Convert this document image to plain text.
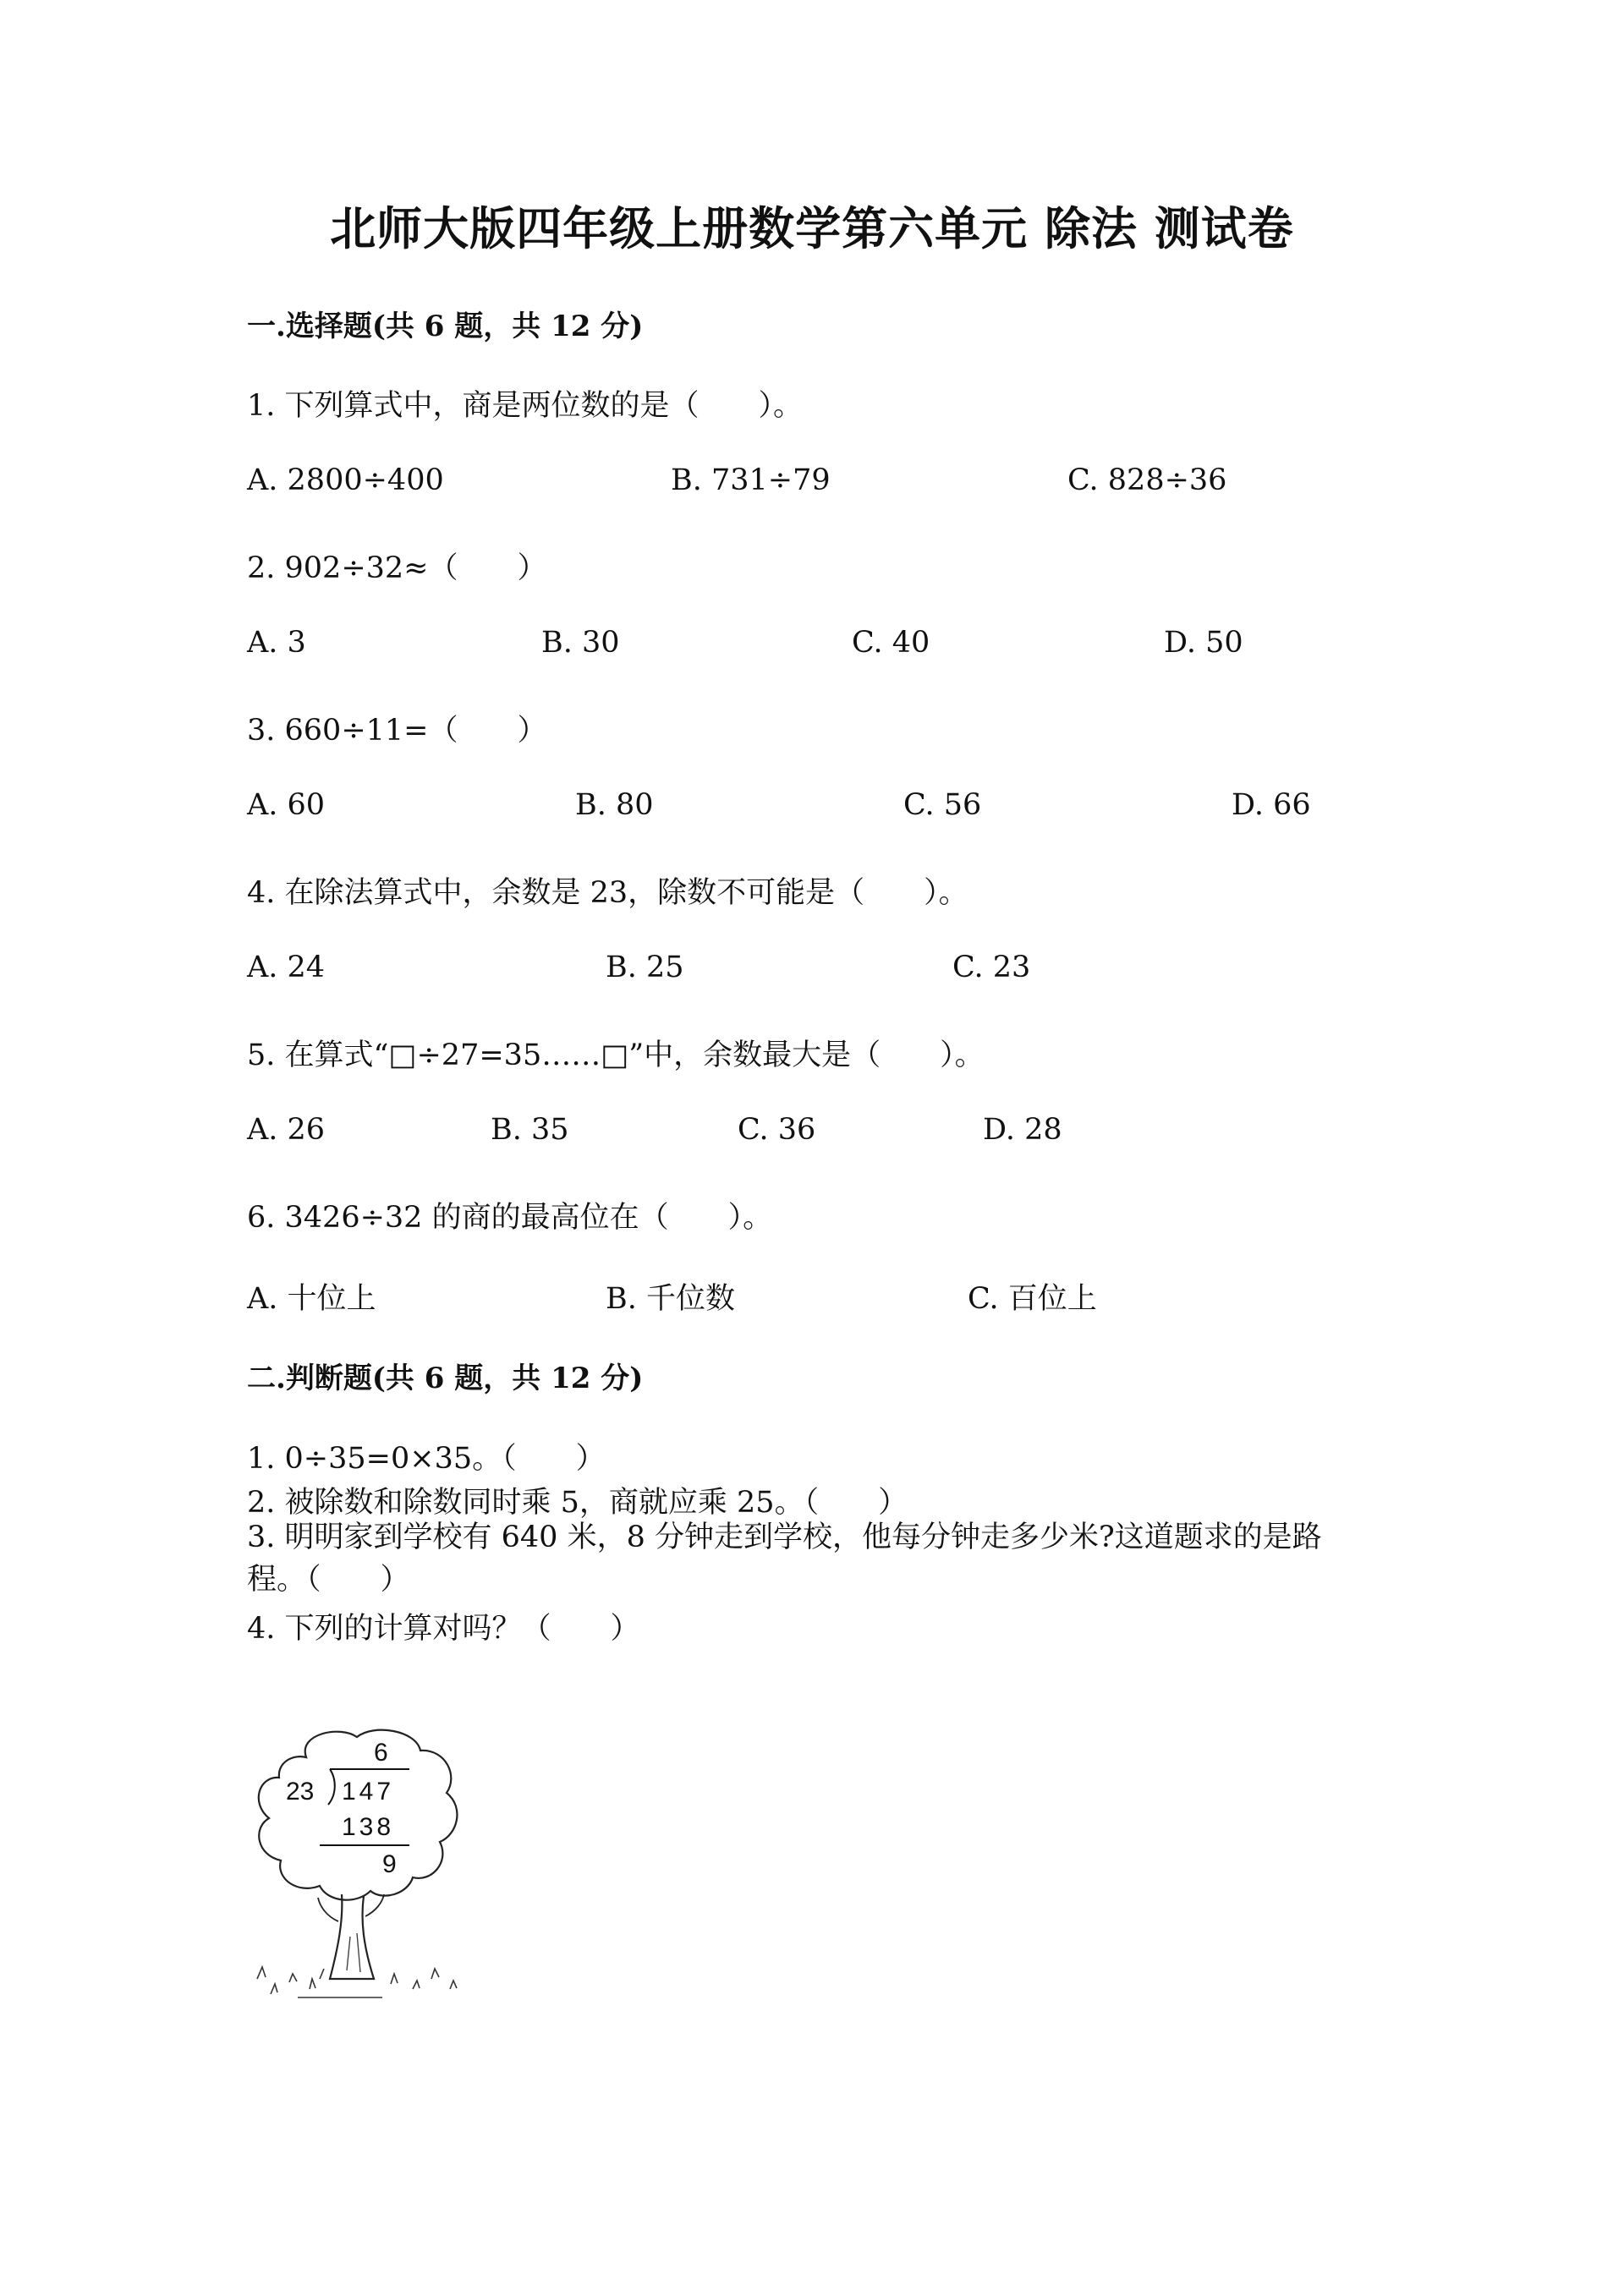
北师大版四年级上册数学第六单元 除法 测试卷

一.选择题(共 6 题，共 12 分)

1. 下列算式中，商是两位数的是（　　）。

A. 2800÷400	B. 731÷79	C. 828÷36

2. 902÷32≈（　　）

A. 3	B. 30	C. 40	D. 50

3. 660÷11=（　　）

A. 60	B. 80	C. 56	D. 66

4. 在除法算式中，余数是 23，除数不可能是（　　）。

A. 24	B. 25	C. 23

5. 在算式“□÷27=35……□”中，余数最大是（　　）。

A. 26	B. 35	C. 36	D. 28

6. 3426÷32 的商的最高位在（　　）。

A. 十位上	B. 千位数	C. 百位上

二.判断题(共 6 题，共 12 分)

1. 0÷35=0×35。（　　）

2. 被除数和除数同时乘 5，商就应乘 25。（　　）

3. 明明家到学校有 640 米，8 分钟走到学校，他每分钟走多少米?这道题求的是路程。（　　）

4. 下列的计算对吗？（　　）

6
23 147
138
9
